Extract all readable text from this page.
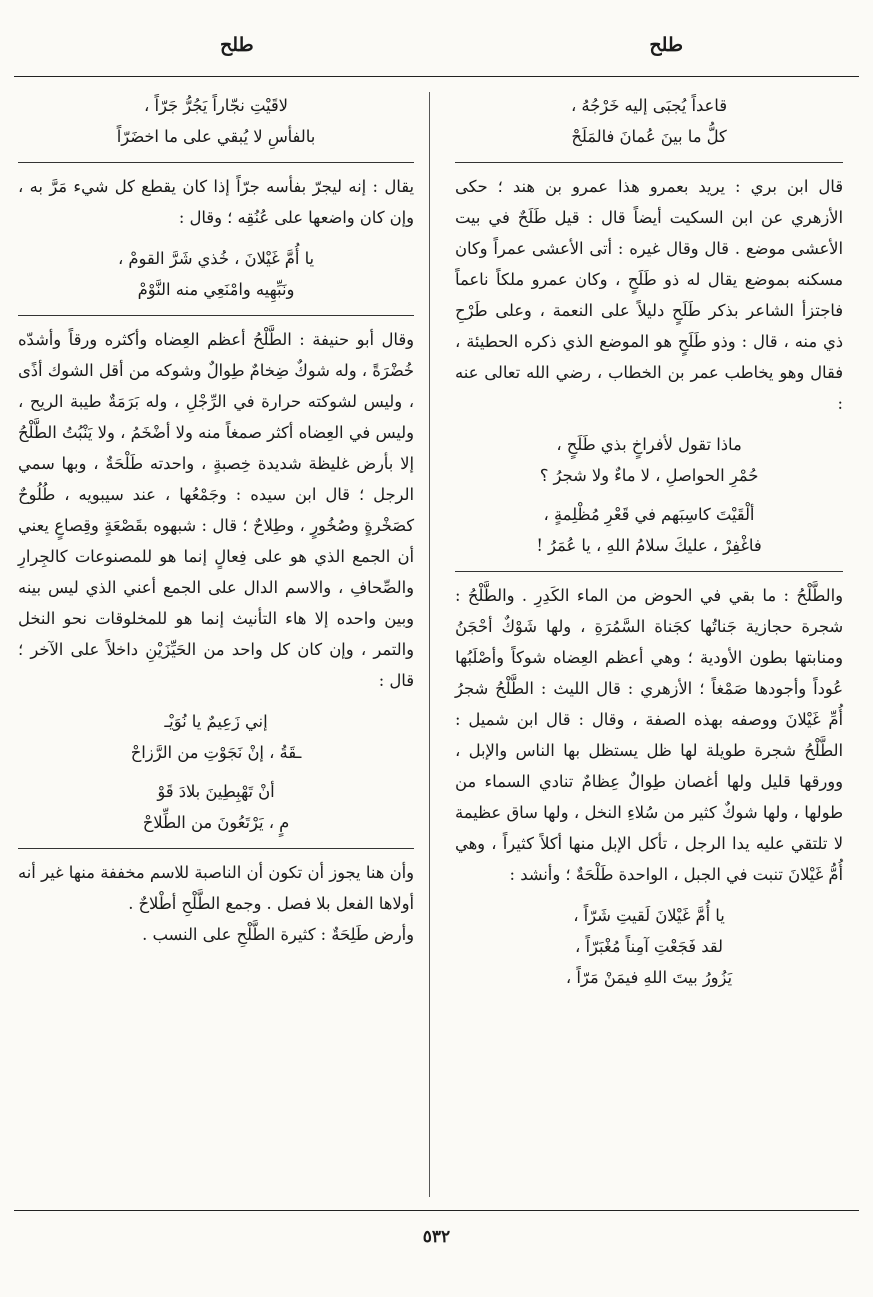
طلح
طلح
قاعداً يُجبَى إليه خَرْجُهُ ،
كلُّ ما بينَ عُمانَ فالمَلَحْ

قال ابن بري : يريد بعمرو هذا عمرو بن هند ؛ حكى الأزهري عن ابن السكيت أيضاً قال : قيل طَلَحٌ في بيت الأعشى موضع . قال وقال غيره : أتى الأعشى عمراً وكان مسكنه بموضع يقال له ذو طَلَحٍ ، وكان عمرو ملكاً ناعماً فاجتزأ الشاعر بذكر طَلَحٍ دليلاً على النعمة ، وعلى طَرْحِ ذي منه ، قال : وذو طَلَحٍ هو الموضع الذي ذكره الحطيئة ، فقال وهو يخاطب عمر بن الخطاب ، رضي الله تعالى عنه :

ماذا تقول لأفراخٍ بذي طَلَحٍ ،
حُمْرِ الحواصلِ ، لا ماءٌ ولا شجرُ ؟
ألْقَيْتَ كاسِبَهم في قَعْرِ مُظْلِمةٍ ،
فاغْفِرْ ، عليكَ سلامُ اللهِ ، يا عُمَرُ !

والطَّلْحُ : ما بقي في الحوض من الماء الكَدِرِ . والطَّلْحُ : شجرة حجازية جَناتُها كجَناة السَّمُرَةِ ، ولها شَوْكٌ أحْجَنُ ومنابتها بطون الأودية ؛ وهي أعظم العِضاه شوكاً وأصْلَبُها عُوداً وأجودها صَمْغاً ؛ الأزهري : قال الليث : الطَّلْحُ شجرُ أُمِّ غَيْلانَ ووصفه بهذه الصفة ، وقال : قال ابن شميل : الطَّلْحُ شجرة طويلة لها ظل يستظل بها الناس والإبل ، وورقها قليل ولها أغصان طِوالٌ عِظامٌ تنادي السماء من طولها ، ولها شوكٌ كثير من سُلاءِ النخل ، ولها ساق عظيمة لا تلتقي عليه يدا الرجل ، تأكل الإبل منها أكلاً كثيراً ، وهي أُمُّ غَيْلانَ تنبت في الجبل ، الواحدة طَلْحَةٌ ؛ وأنشد :

يا أُمَّ غَيْلانَ لَقيتِ شَرّاً ،
لقد فَجَعْتِ آمِناً مُغْبَرّاً ،
يَزُورُ بيتَ اللهِ فيمَنْ مَرّاً ،
لاقَيْتِ نجّاراً يَجُرُّ جَرّاً ،
بالفأسِ لا يُبقي على ما اخضَرّاً

يقال : إنه ليجرّ بفأسه جرّاً إذا كان يقطع كل شيء مَرَّ به ، وإن كان واضعها على عُنُقِه ؛ وقال :

يا أُمَّ غَيْلانَ ، خُذي شَرَّ القومْ ،
ونَبِّهِيه وامْنَعِي منه النَّوْمْ

وقال أبو حنيفة : الطَّلْحُ أعظم العِضاه وأكثره ورقاً وأشدّه خُضْرَةً ، وله شوكٌ ضِخامٌ طِوالٌ وشوكه من أقل الشوك أذًى ، وليس لشوكته حرارة في الرِّجْلِ ، وله بَرَمَةٌ طيبة الريح ، وليس في العِضاه أكثر صمغاً منه ولا أضْخَمُ ، ولا يَنْبُتُ الطَّلْحُ إلا بأرض غليظة شديدة خِصبةٍ ، واحدته طَلْحَةٌ ، وبها سمي الرجل ؛ قال ابن سيده : وجَمْعُها ، عند سيبويه ، طُلُوحٌ كصَخْرةٍ وصُخُورٍ ، وطِلاحٌ ؛ قال : شبهوه بقَصْعَةٍ وقِصاعٍ يعني أن الجمع الذي هو على فِعالٍ إنما هو للمصنوعات كالجِرارِ والصِّحافِ ، والاسم الدال على الجمع أعني الذي ليس بينه وبين واحده إلا هاء التأنيث إنما هو للمخلوقات نحو النخل والتمر ، وإن كان كل واحد من الحَيِّزَيْنِ داخلاً على الآخر ؛ قال :

إني زَعِيمٌ يا نُوَيْـ
ـقَةُ ، إنْ نَجَوْتِ من الرَّزاحْ
أنْ تَهْبِطِينَ بلادَ قَوْ
مٍ ، يَرْتَعُونَ من الطِّلاحْ

وأن هنا يجوز أن تكون أن الناصبة للاسم مخففة منها غير أنه أولاها الفعل بلا فصل . وجمع الطَّلْحِ أطْلاحٌ .

وأرض طَلِحَةٌ : كثيرة الطَّلْحِ على النسب .

٥٣٢
